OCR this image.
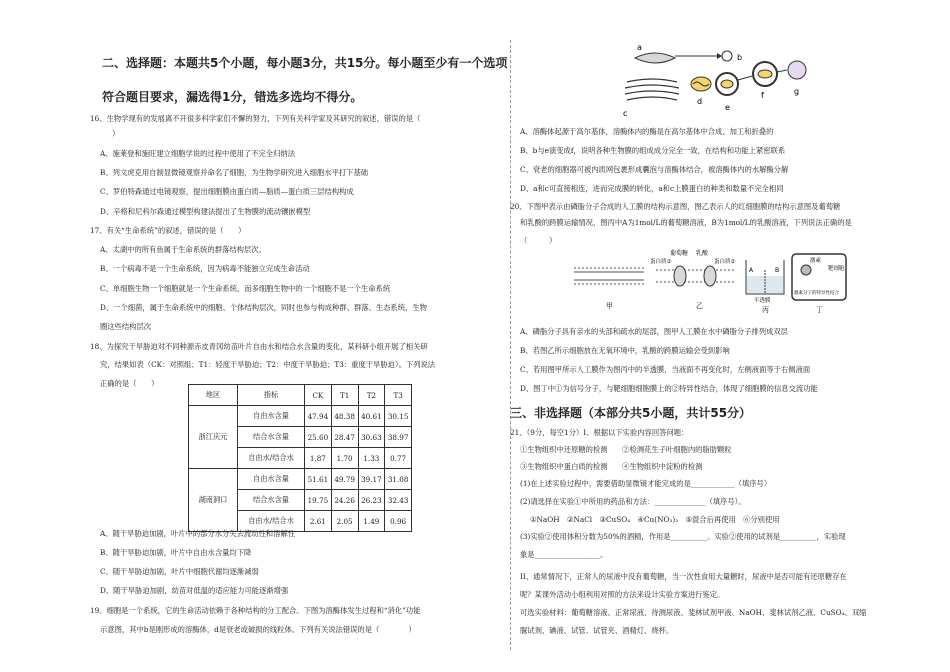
二、选择题：本题共5个小题，每小题3分，共15分。每小题至少有一个选项
符合题目要求，漏选得1分，错选多选均不得分。
16、生物学现有的发展离不开很多科学家们不懈的努力，下列有关科学家及其研究的叙述，错误的是（
）
A、施莱登和施旺建立细胞学说的过程中使用了不完全归纳法
B、列文虎克用自制显微镜观察并命名了细胞，为生物学研究进入细胞水平打下基础
C、罗伯特森通过电镜观察，提出细胞膜由蛋白质—脂质—蛋白质三层结构构成
D、辛格和尼科尔森通过模型构建法提出了生物膜的流动镶嵌模型
17、有关“生命系统”的叙述，错误的是（　　）
A、太湖中的所有鱼属于生命系统的群落结构层次。
B、一个病毒不是一个生命系统，因为病毒不能独立完成生命活动
C、单细胞生物一个细胞就是一个生命系统，而多细胞生物中的一个细胞不是一个生命系统
D、一个细菌，属于生命系统中的细胞、个体结构层次，同时也参与构成种群、群落、生态系统、生物
圈这些结构层次
18、为探究干旱胁迫对不同种源赤皮青冈幼苗叶片自由水和结合水含量的变化，某科研小组开展了相关研
究，结果如表（CK：对照组；T1：轻度干旱胁迫；T2：中度干旱胁迫；T3：重度干旱胁迫）。下列说法
正确的是（　　）
地区	指标	CK	T1	T2	T3
浙江庆元	自由水含量	47.94	48.38	40.61	30.15
	结合水含量	25.60	28.47	30.63	38.97
	自由水/结合水	1.87	1.70	1.33	0.77
湖南洞口	自由水含量	51.61	49.79	39.17	31.08
	结合水含量	19.75	24.26	26.23	32.43
	自由水/结合水	2.61	2.05	1.49	0.96
A、随干旱胁迫加剧，叶片中的部分水分失去流动性和溶解性
B、随干旱胁迫加剧，叶片中自由水含量均下降
C、随干旱胁迫加剧，叶片中细胞代谢均逐渐减弱
D、随干旱胁迫加剧，幼苗对低温的适应能力可能逐渐增强
19、细胞是一个系统，它的生命活动依赖于各种结构的分工配合。下图为溶酶体发生过程和“消化”功能
示意图，其中b是刚形成的溶酶体，d是衰老或破损的线粒体。下列有关说法错误的是（　　　　）
a
b
c
d
e
f	g
A、溶酶体起源于高尔基体，溶酶体内的酶是在高尔基体中合成、加工和折叠的
B、b与e演变成f，说明各种生物膜的组成成分完全一致，在结构和功能上紧密联系
C、衰老的细胞器可被内质网包裹形成囊泡与溶酶体结合，被溶酶体内的水解酶分解
D、a和c可直接相连，进而完成膜的转化，a和c上膜蛋白的种类和数量不完全相同
20、下图甲表示由磷脂分子合成的人工膜的结构示意图，图乙表示人的红细胞膜的结构示意图及葡萄糖
和乳酸的跨膜运输情况，图丙中A为1mol/L的葡萄糖溶液，B为1mol/L的乳酸溶液，下列说法正确的是
（　　　）
甲
葡萄糖 乳酸
蛋白质①	蛋白质②
乙
A	B
半透膜
丙
激素
靶细胞
激素分子的特异性结合
丁
A、磷脂分子具有亲水的头部和疏水的尾部，图甲人工膜在水中磷脂分子排列成双层
B、若图乙所示细胞放在无氧环境中，乳酸的跨膜运输会受到影响
C、若用图甲所示人工膜作为图丙中的半透膜，当液面不再变化时，左侧液面等于右侧液面
D、图丁中①为信号分子，与靶细胞细胞膜上的②特异性结合，体现了细胞膜的信息交流功能
三、非选择题（本部分共5小题，共计55分）
21、（9分，每空1分）I、根据以下实验内容回答问题：
①生物组织中还原糖的检测　　②检测花生子叶细胞内的脂肪颗粒
③生物组织中蛋白质的检测　　④生物组织中淀粉的检测
(1)在上述实验过程中，需要借助显微镜才能完成的是____________（填序号）
(2)请选择在实验①中所用的药品和方法：______________（填序号）。
①NaOH　②NaCl　③CuSO₄　④Cu(NO₃)₂　⑤混合后再使用　⑥分别使用
(3)实验②使用体积分数为50%的酒精，作用是__________。实验②使用的试剂是__________，实验现
象是__________________。
II、通常情况下，正常人的尿液中没有葡萄糖，当一次性食用大量糖时，尿液中是否可能有还原糖存在
呢？某课外活动小组利用对照的方法来设计实验方案进行鉴定。
可选实验材料：葡萄糖溶液、正常尿液、待测尿液、斐林试剂甲液、NaOH、斐林试剂乙液、CuSO₄、双缩
脲试剂、碘液、试管、试管夹、酒精灯、烧杯。
